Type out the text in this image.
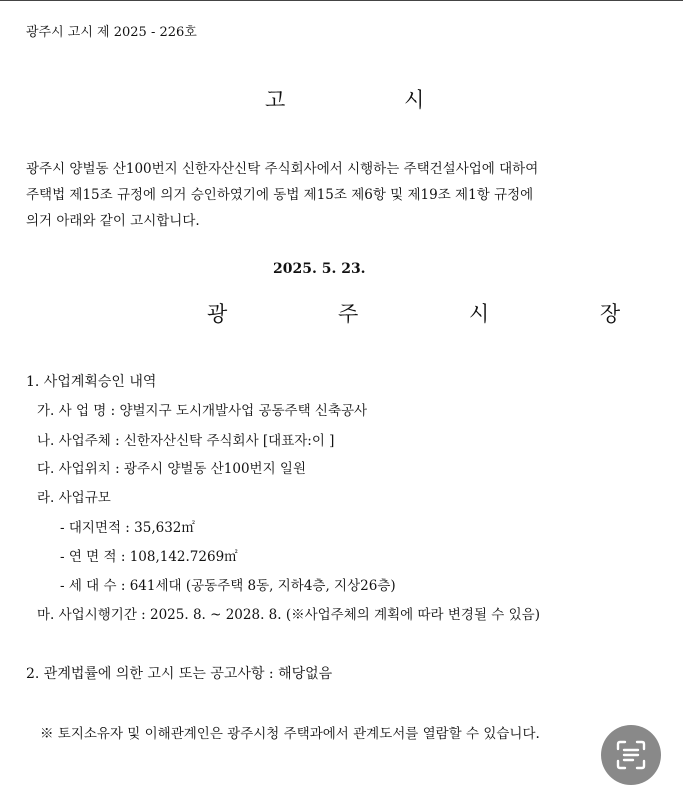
광주시 고시 제 2025 - 226호
고 시
광주시 양벌동 산100번지 신한자산신탁 주식회사에서 시행하는 주택건설사업에 대하여
주택법 제15조 규정에 의거 승인하였기에 동법 제15조 제6항 및 제19조 제1항 규정에
의거 아래와 같이 고시합니다.
2025. 5. 23.
광 주 시 장
1. 사업계획승인 내역
가. 사 업 명 : 양벌지구 도시개발사업 공동주택 신축공사
나. 사업주체 : 신한자산신탁 주식회사 [대표자:이 ]
다. 사업위치 : 광주시 양벌동 산100번지 일원
라. 사업규모
- 대지면적 : 35,632㎡
- 연 면 적 : 108,142.7269㎡
- 세 대 수 : 641세대 (공동주택 8동, 지하4층, 지상26층)
마. 사업시행기간 : 2025. 8. ~ 2028. 8. (※사업주체의 계획에 따라 변경될 수 있음)
2. 관계법률에 의한 고시 또는 공고사항 : 해당없음
※ 토지소유자 및 이해관계인은 광주시청 주택과에서 관계도서를 열람할 수 있습니다.
